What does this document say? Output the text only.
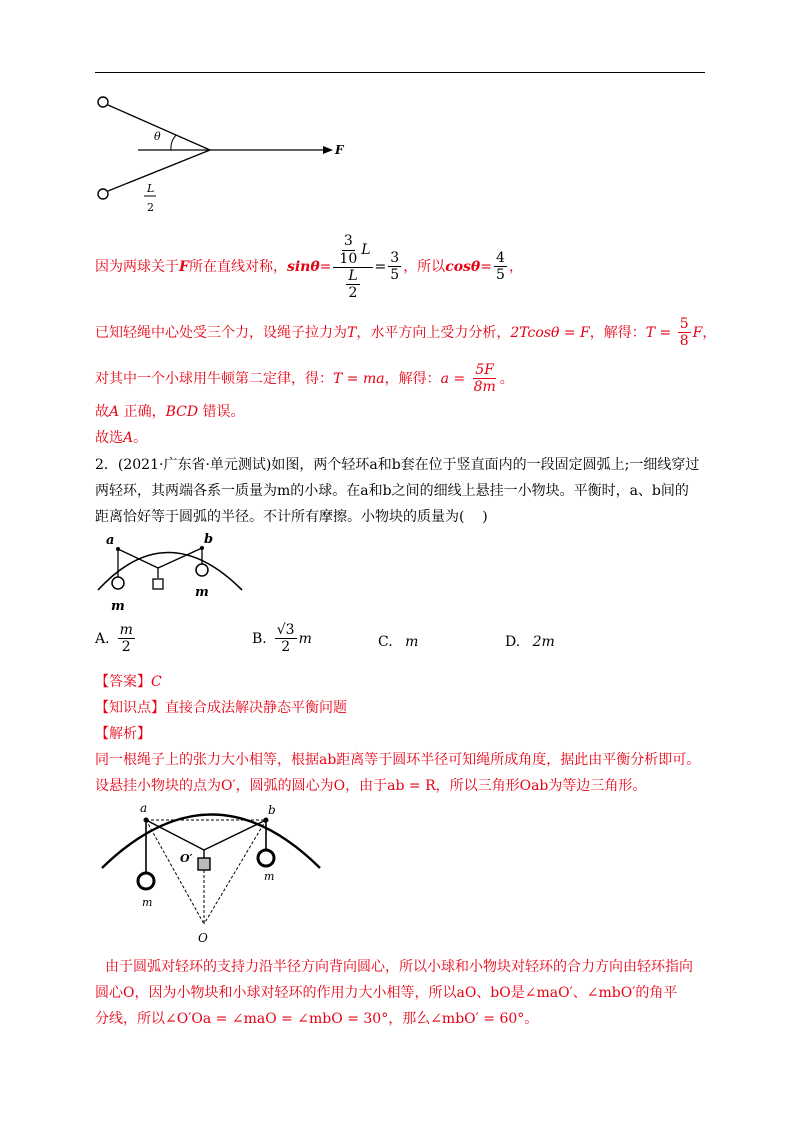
θ
F
L
2
因为两球关于 F 所在直线对称， $\sin\theta = \frac{3}{10}$ L
L
$2 = \frac{3}{5}$ ，所以 $\cos\theta = \frac{4}{5}$ ，
已知轻绳中心处受三个力，设绳子拉力为 T ，水平方向上受力分析， 2Tcosθ = F ，解得： $T = \frac{5}{8}$ F ，
对其中一个小球用牛顿第二定律，得： T = ma ，解得： $a = \frac{5F}{8m}$ 。
故A 正确，BCD 错误。
故选A。
2．(2021·广东省·单元测试)如图，两个轻环a和b套在位于竖直面内的一段固定圆弧上;一细线穿过
两轻环，其两端各系一质量为m的小球。在a和b之间的细线上悬挂一小物块。平衡时，a、b间的
距离恰好等于圆弧的半径。不计所有摩擦。小物块的质量为(    )
a	b
m
m
A. $\frac{m}{2}$	B. $\frac{√3}{2}$ m	C. m	D. 2m
【答案】C
【知识点】直接合成法解决静态平衡问题
【解析】
同一根绳子上的张力大小相等，根据ab距离等于圆环半径可知绳所成角度，据此由平衡分析即可。
设悬挂小物块的点为O′，圆弧的圆心为O，由于ab = R，所以三角形Oab为等边三角形。
a	b
O′
m
m
O
由于圆弧对轻环的支持力沿半径方向背向圆心，所以小球和小物块对轻环的合力方向由轻环指向
圆心O，因为小物块和小球对轻环的作用力大小相等，所以aO、bO是∠maO′、∠mbO′的角平
分线，所以∠O′Oa = ∠maO = ∠mbO = 30°，那么∠mbO′ = 60°。
